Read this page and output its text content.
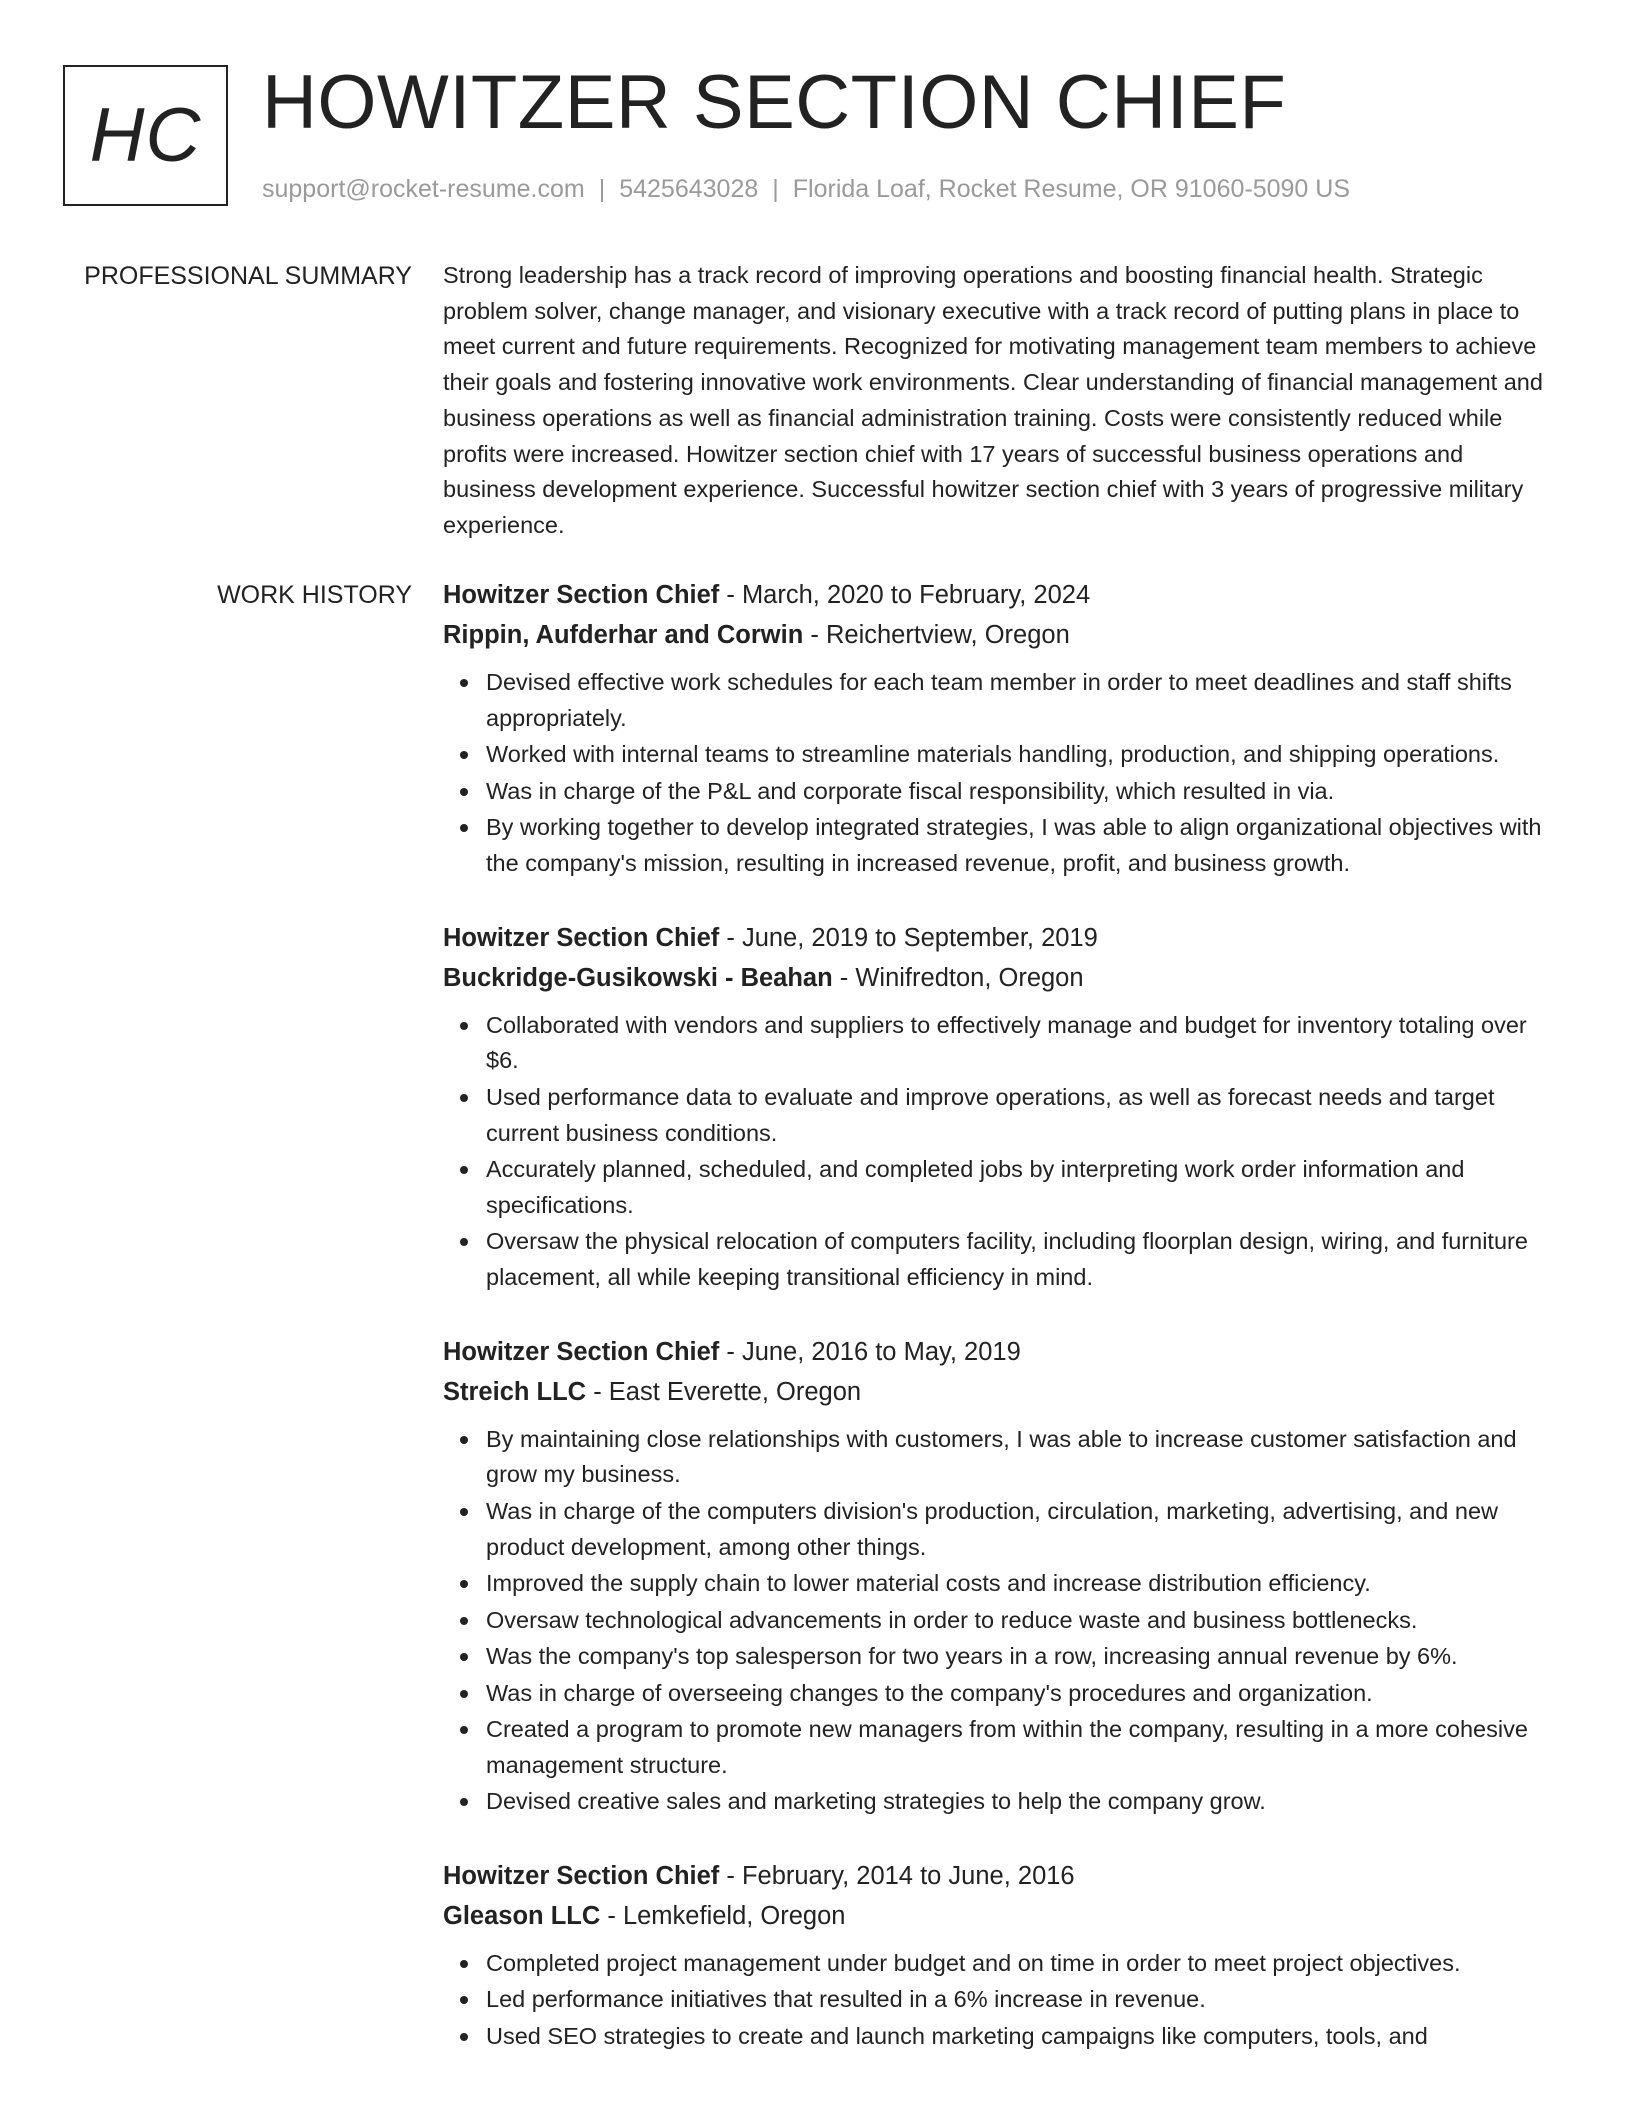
HC HOWITZER SECTION CHIEF
support@rocket-resume.com | 5425643028 | Florida Loaf, Rocket Resume, OR 91060-5090 US
PROFESSIONAL SUMMARY Strong leadership has a track record of improving operations and boosting financial health. Strategic problem solver, change manager, and visionary executive with a track record of putting plans in place to meet current and future requirements. Recognized for motivating management team members to achieve their goals and fostering innovative work environments. Clear understanding of financial management and business operations as well as financial administration training. Costs were consistently reduced while profits were increased. Howitzer section chief with 17 years of successful business operations and business development experience. Successful howitzer section chief with 3 years of progressive military experience.

WORK HISTORY Howitzer Section Chief - March, 2020 to February, 2024
Rippin, Aufderhar and Corwin - Reichertview, Oregon
Devised effective work schedules for each team member in order to meet deadlines and staff shifts appropriately.
Worked with internal teams to streamline materials handling, production, and shipping operations.
Was in charge of the P&L and corporate fiscal responsibility, which resulted in via.
By working together to develop integrated strategies, I was able to align organizational objectives with the company's mission, resulting in increased revenue, profit, and business growth.
Howitzer Section Chief - June, 2019 to September, 2019
Buckridge-Gusikowski - Beahan - Winifredton, Oregon
Collaborated with vendors and suppliers to effectively manage and budget for inventory totaling over $6.
Used performance data to evaluate and improve operations, as well as forecast needs and target current business conditions.
Accurately planned, scheduled, and completed jobs by interpreting work order information and specifications.
Oversaw the physical relocation of computers facility, including floorplan design, wiring, and furniture placement, all while keeping transitional efficiency in mind.
Howitzer Section Chief - June, 2016 to May, 2019
Streich LLC - East Everette, Oregon
By maintaining close relationships with customers, I was able to increase customer satisfaction and grow my business.
Was in charge of the computers division's production, circulation, marketing, advertising, and new product development, among other things.
Improved the supply chain to lower material costs and increase distribution efficiency.
Oversaw technological advancements in order to reduce waste and business bottlenecks.
Was the company's top salesperson for two years in a row, increasing annual revenue by 6%.
Was in charge of overseeing changes to the company's procedures and organization.
Created a program to promote new managers from within the company, resulting in a more cohesive management structure.
Devised creative sales and marketing strategies to help the company grow.
Howitzer Section Chief - February, 2014 to June, 2016
Gleason LLC - Lemkefield, Oregon
Completed project management under budget and on time in order to meet project objectives.
Led performance initiatives that resulted in a 6% increase in revenue.
Used SEO strategies to create and launch marketing campaigns like computers, tools, and
